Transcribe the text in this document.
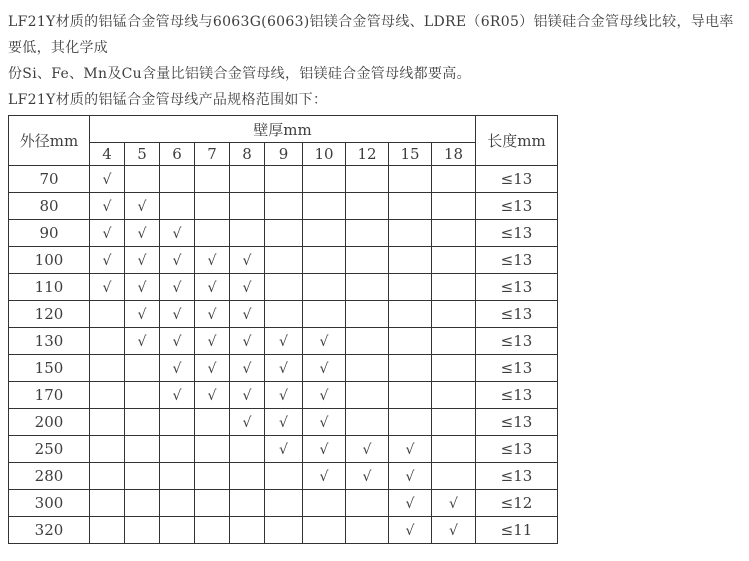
LF21Y材质的铝锰合金管母线与6063G(6063)铝镁合金管母线、LDRE（6R05）铝镁硅合金管母线比较，导电率要低，其化学成
份Si、Fe、Mn及Cu含量比铝镁合金管母线，铝镁硅合金管母线都要高。

LF21Y材质的铝锰合金管母线产品规格范围如下：

外径mm	壁厚mm										长度mm
	4	5	6	7	8	9	10	12	15	18	
70	√										≤13
80	√	√									≤13
90	√	√	√								≤13
100	√	√	√	√	√						≤13
110	√	√	√	√	√						≤13
120		√	√	√	√						≤13
130		√	√	√	√	√	√				≤13
150			√	√	√	√	√				≤13
170			√	√	√	√	√				≤13
200					√	√	√				≤13
250						√	√	√	√		≤13
280							√	√	√		≤13
300									√	√	≤12
320									√	√	≤11
